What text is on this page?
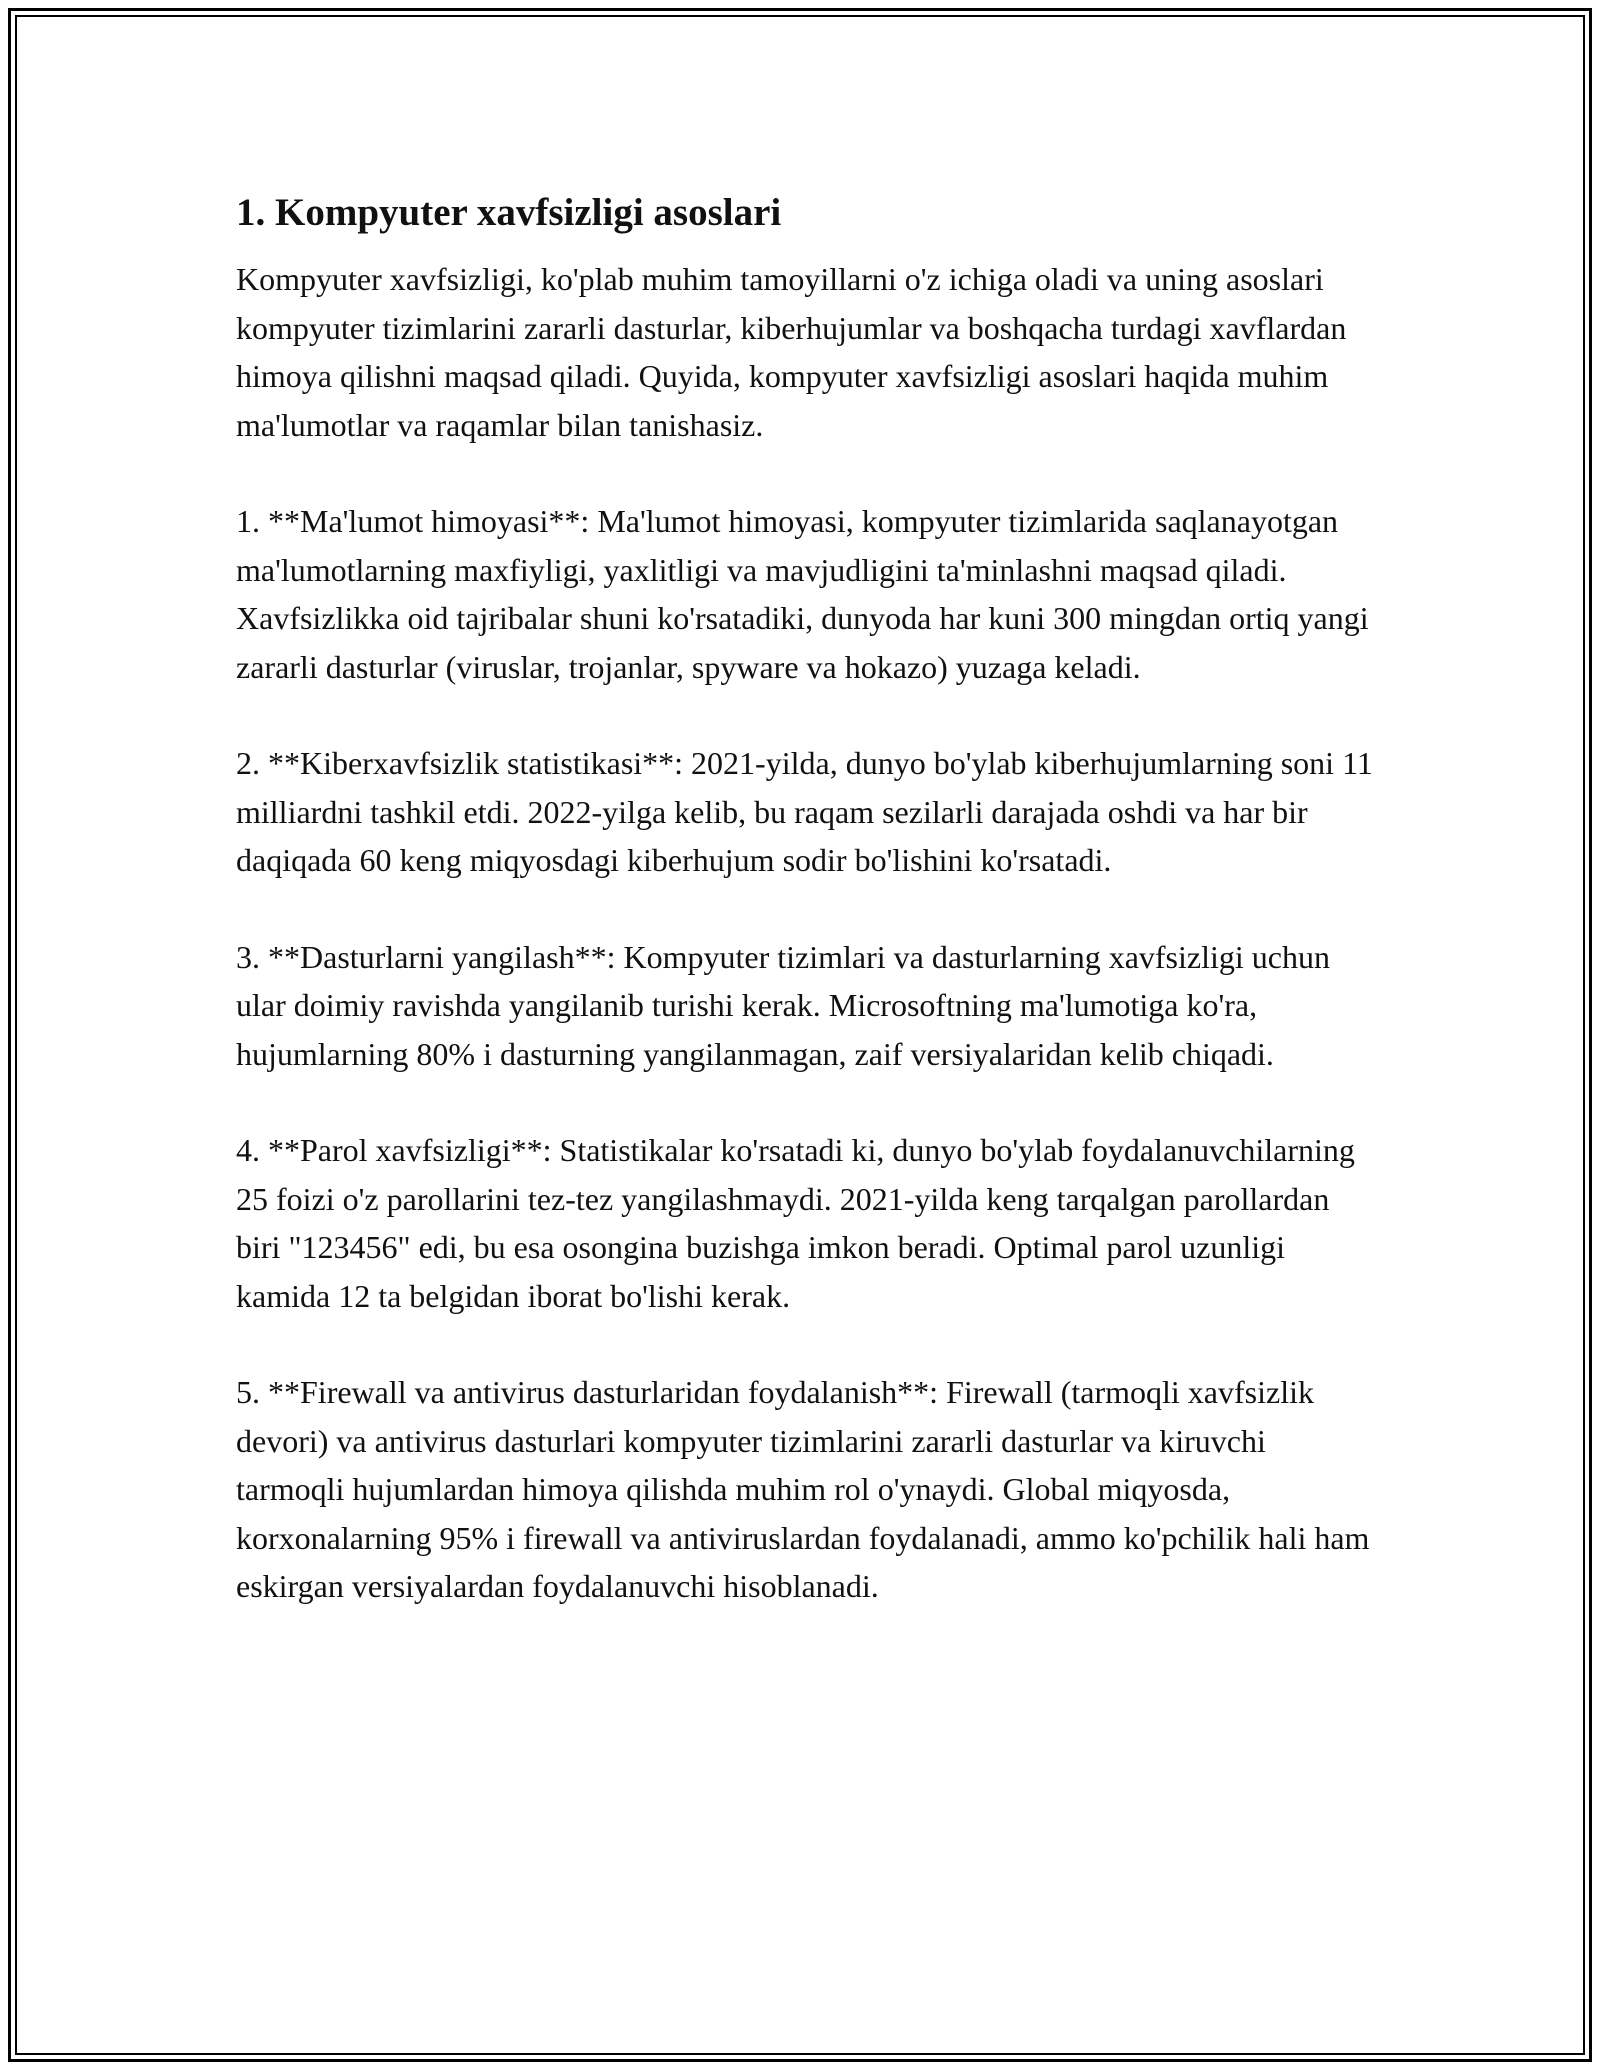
1. Kompyuter xavfsizligi asoslari

Kompyuter xavfsizligi, ko'plab muhim tamoyillarni o'z ichiga oladi va uning asoslari kompyuter tizimlarini zararli dasturlar, kiberhujumlar va boshqacha turdagi xavflardan himoya qilishni maqsad qiladi. Quyida, kompyuter xavfsizligi asoslari haqida muhim ma'lumotlar va raqamlar bilan tanishasiz.

1. **Ma'lumot himoyasi**: Ma'lumot himoyasi, kompyuter tizimlarida saqlanayotgan ma'lumotlarning maxfiyligi, yaxlitligi va mavjudligini ta'minlashni maqsad qiladi. Xavfsizlikka oid tajribalar shuni ko'rsatadiki, dunyoda har kuni 300 mingdan ortiq yangi zararli dasturlar (viruslar, trojanlar, spyware va hokazo) yuzaga keladi.

2. **Kiberxavfsizlik statistikasi**: 2021-yilda, dunyo bo'ylab kiberhujumlarning soni 11 milliardni tashkil etdi. 2022-yilga kelib, bu raqam sezilarli darajada oshdi va har bir daqiqada 60 keng miqyosdagi kiberhujum sodir bo'lishini ko'rsatadi.

3. **Dasturlarni yangilash**: Kompyuter tizimlari va dasturlarning xavfsizligi uchun ular doimiy ravishda yangilanib turishi kerak. Microsoftning ma'lumotiga ko'ra, hujumlarning 80% i dasturning yangilanmagan, zaif versiyalaridan kelib chiqadi.

4. **Parol xavfsizligi**: Statistikalar ko'rsatadi ki, dunyo bo'ylab foydalanuvchilarning 25 foizi o'z parollarini tez-tez yangilashmaydi. 2021-yilda keng tarqalgan parollardan biri "123456" edi, bu esa osongina buzishga imkon beradi. Optimal parol uzunligi kamida 12 ta belgidan iborat bo'lishi kerak.

5. **Firewall va antivirus dasturlaridan foydalanish**: Firewall (tarmoqli xavfsizlik devori) va antivirus dasturlari kompyuter tizimlarini zararli dasturlar va kiruvchi tarmoqli hujumlardan himoya qilishda muhim rol o'ynaydi. Global miqyosda, korxonalarning 95% i firewall va antiviruslardan foydalanadi, ammo ko'pchilik hali ham eskirgan versiyalardan foydalanuvchi hisoblanadi.
